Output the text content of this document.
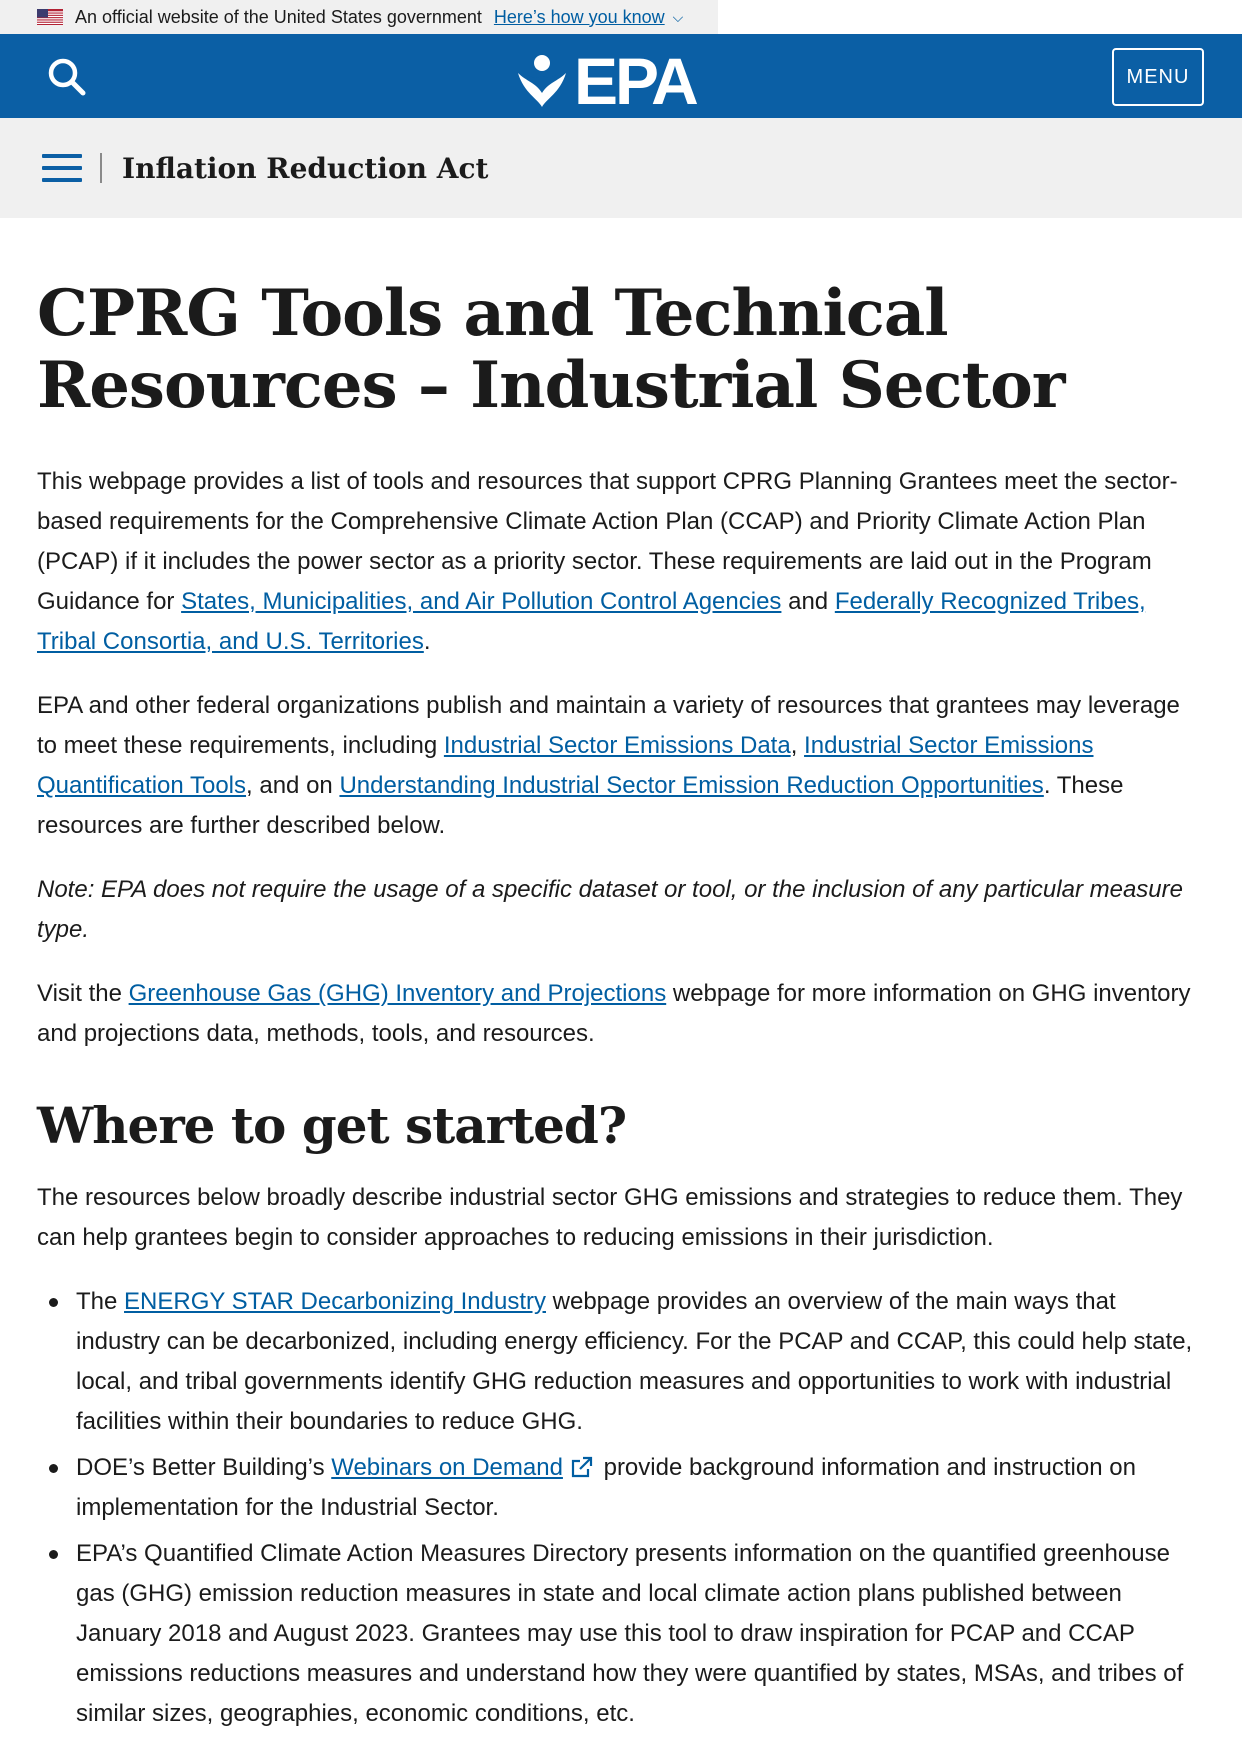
An official website of the United States government Here’s how you know ⌵
EPA	MENU
Inflation Reduction Act
CPRG Tools and Technical Resources – Industrial Sector

This webpage provides a list of tools and resources that support CPRG Planning Grantees meet the sector-based requirements for the Comprehensive Climate Action Plan (CCAP) and Priority Climate Action Plan (PCAP) if it includes the power sector as a priority sector. These requirements are laid out in the Program Guidance for States, Municipalities, and Air Pollution Control Agencies and Federally Recognized Tribes, Tribal Consortia, and U.S. Territories.

EPA and other federal organizations publish and maintain a variety of resources that grantees may leverage to meet these requirements, including Industrial Sector Emissions Data, Industrial Sector Emissions Quantification Tools, and on Understanding Industrial Sector Emission Reduction Opportunities. These resources are further described below.

Note: EPA does not require the usage of a specific dataset or tool, or the inclusion of any particular measure type.

Visit the Greenhouse Gas (GHG) Inventory and Projections webpage for more information on GHG inventory and projections data, methods, tools, and resources.

Where to get started?

The resources below broadly describe industrial sector GHG emissions and strategies to reduce them. They can help grantees begin to consider approaches to reducing emissions in their jurisdiction.

The ENERGY STAR Decarbonizing Industry webpage provides an overview of the main ways that industry can be decarbonized, including energy efficiency. For the PCAP and CCAP, this could help state, local, and tribal governments identify GHG reduction measures and opportunities to work with industrial facilities within their boundaries to reduce GHG.
DOE’s Better Building’s Webinars on Demand provide background information and instruction on implementation for the Industrial Sector.
EPA’s Quantified Climate Action Measures Directory presents information on the quantified greenhouse gas (GHG) emission reduction measures in state and local climate action plans published between January 2018 and August 2023. Grantees may use this tool to draw inspiration for PCAP and CCAP emissions reductions measures and understand how they were quantified by states, MSAs, and tribes of similar sizes, geographies, economic conditions, etc.
